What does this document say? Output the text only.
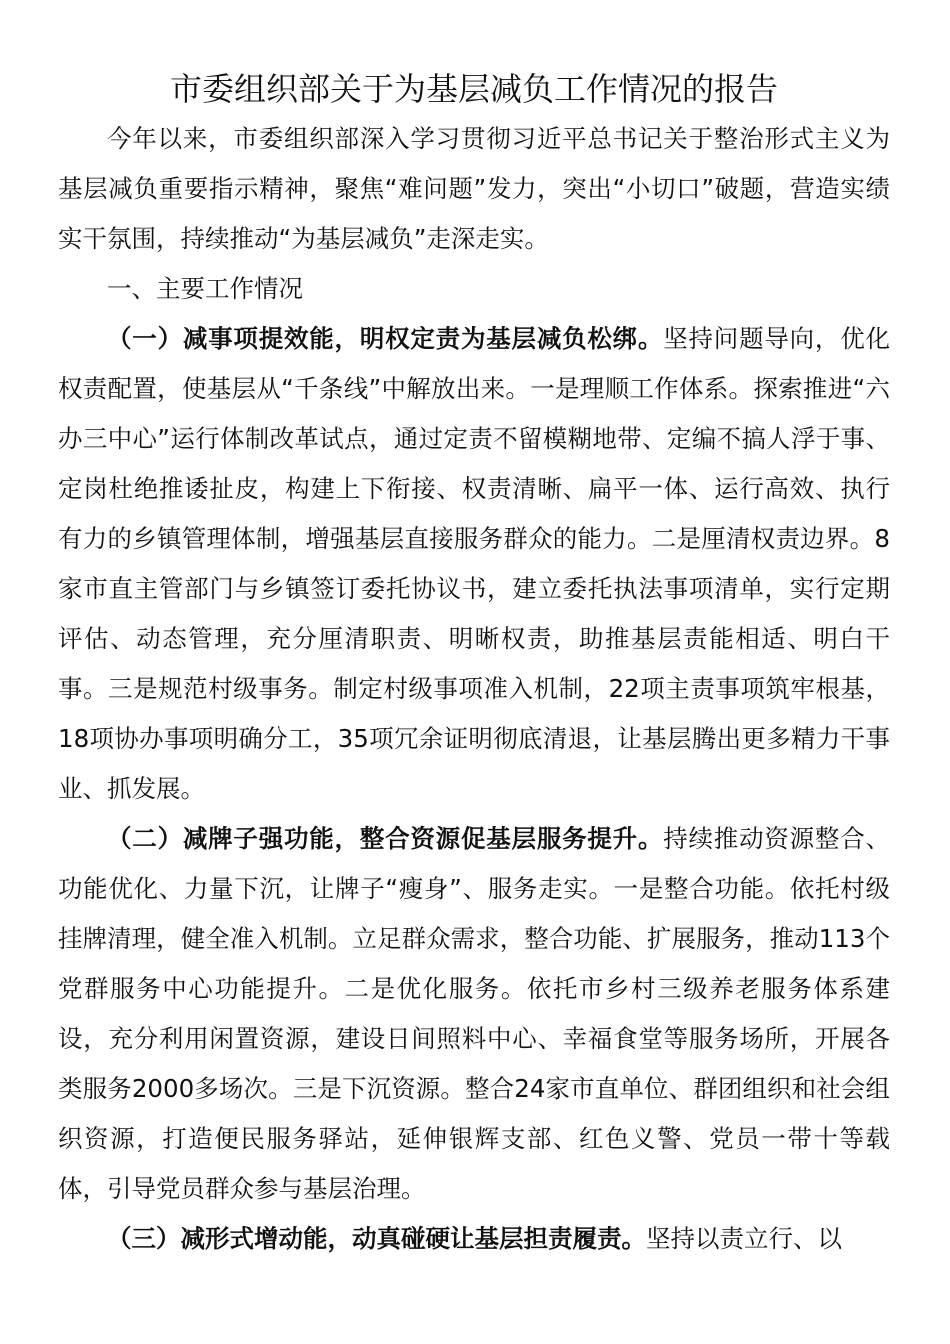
市委组织部关于为基层减负工作情况的报告

今年以来，市委组织部深入学习贯彻习近平总书记关于整治形式主义为基层减负重要指示精神，聚焦“难问题”发力，突出“小切口”破题，营造实绩实干氛围，持续推动“为基层减负”走深走实。

一、主要工作情况

（一）减事项提效能，明权定责为基层减负松绑。坚持问题导向，优化权责配置，使基层从“千条线”中解放出来。一是理顺工作体系。探索推进“六办三中心”运行体制改革试点，通过定责不留模糊地带、定编不搞人浮于事、定岗杜绝推诿扯皮，构建上下衔接、权责清晰、扁平一体、运行高效、执行有力的乡镇管理体制，增强基层直接服务群众的能力。二是厘清权责边界。8家市直主管部门与乡镇签订委托协议书，建立委托执法事项清单，实行定期评估、动态管理，充分厘清职责、明晰权责，助推基层责能相适、明白干事。三是规范村级事务。制定村级事项准入机制，22项主责事项筑牢根基，18项协办事项明确分工，35项冗余证明彻底清退，让基层腾出更多精力干事业、抓发展。

（二）减牌子强功能，整合资源促基层服务提升。持续推动资源整合、功能优化、力量下沉，让牌子“瘦身”、服务走实。一是整合功能。依托村级挂牌清理，健全准入机制。立足群众需求，整合功能、扩展服务，推动113个党群服务中心功能提升。二是优化服务。依托市乡村三级养老服务体系建设，充分利用闲置资源，建设日间照料中心、幸福食堂等服务场所，开展各类服务2000多场次。三是下沉资源。整合24家市直单位、群团组织和社会组织资源，打造便民服务驿站，延伸银辉支部、红色义警、党员一带十等载体，引导党员群众参与基层治理。

（三）减形式增动能，动真碰硬让基层担责履责。坚持以责立行、以
